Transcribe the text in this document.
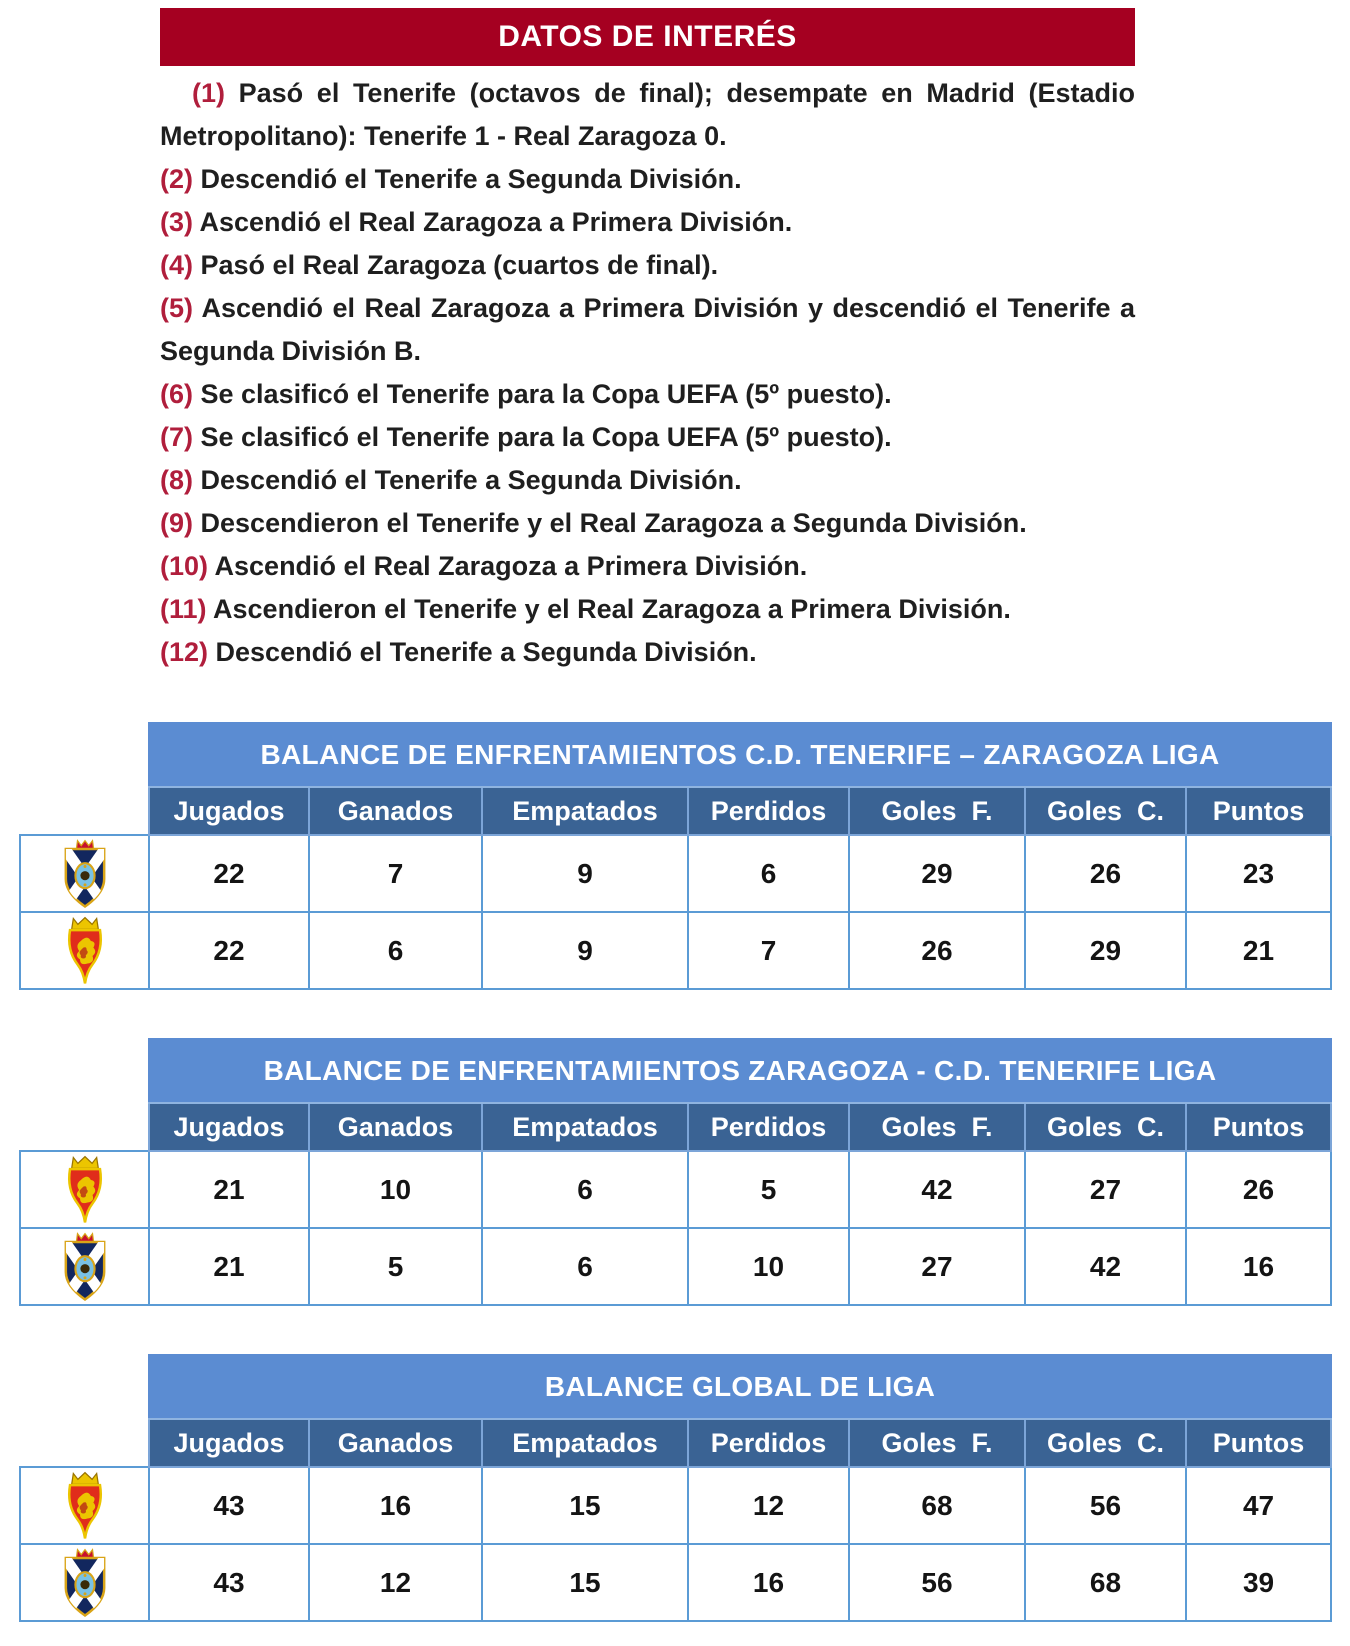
DATOS DE INTERÉS

(1) Pasó el Tenerife (octavos de final); desempate en Madrid (Estadio Metropolitano): Tenerife 1 - Real Zaragoza 0.

(2) Descendió el Tenerife a Segunda División.

(3) Ascendió el Real Zaragoza a Primera División.

(4) Pasó el Real Zaragoza (cuartos de final).

(5) Ascendió el Real Zaragoza a Primera División y descendió el Tenerife a Segunda División B.

(6) Se clasificó el Tenerife para la Copa UEFA (5º puesto).

(7) Se clasificó el Tenerife para la Copa UEFA (5º puesto).

(8) Descendió el Tenerife a Segunda División.

(9) Descendieron el Tenerife y el Real Zaragoza a Segunda División.

(10) Ascendió el Real Zaragoza a Primera División.

(11) Ascendieron el Tenerife y el Real Zaragoza a Primera División.

(12) Descendió el Tenerife a Segunda División.

	BALANCE DE ENFRENTAMIENTOS C.D. TENERIFE – ZARAGOZA LIGA						
	Jugados	Ganados	Empatados	Perdidos	Goles  F.	Goles  C.	Puntos
	22	7	9	6	29	26	23
	22	6	9	7	26	29	21
	BALANCE DE ENFRENTAMIENTOS ZARAGOZA - C.D. TENERIFE LIGA						
	Jugados	Ganados	Empatados	Perdidos	Goles  F.	Goles  C.	Puntos
	21	10	6	5	42	27	26
	21	5	6	10	27	42	16
	BALANCE GLOBAL DE LIGA						
	Jugados	Ganados	Empatados	Perdidos	Goles  F.	Goles  C.	Puntos
	43	16	15	12	68	56	47
	43	12	15	16	56	68	39
